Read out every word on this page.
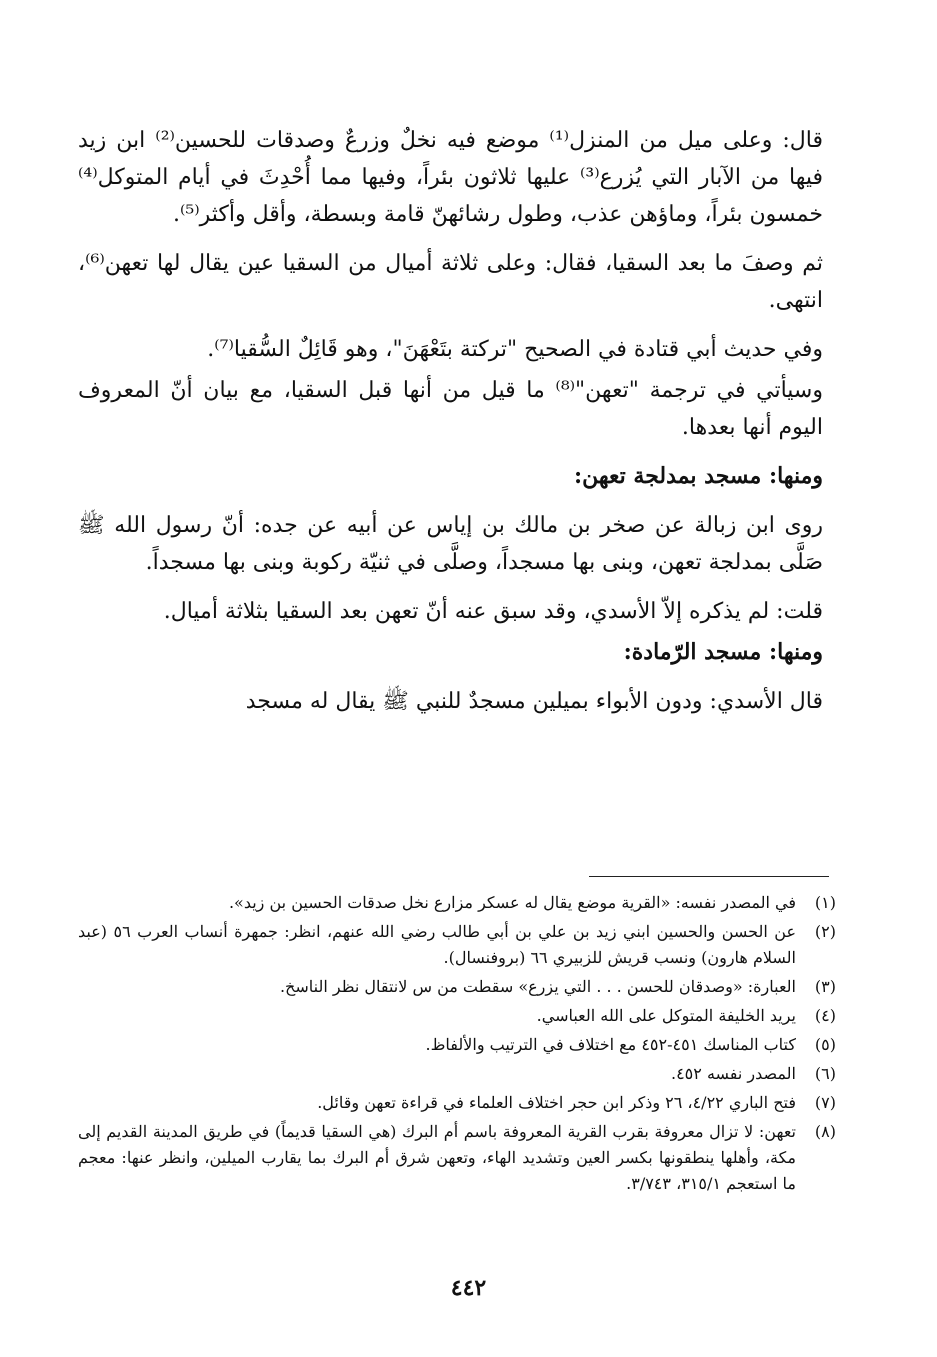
قال: وعلى ميل من المنزل⁽¹⁾ موضع فيه نخلٌ وزرعٌ وصدقات للحسين⁽²⁾ ابن زيد فيها من الآبار التي يُزرع⁽³⁾ عليها ثلاثون بئراً، وفيها مما أُحْدِثَ في أيام المتوكل⁽⁴⁾ خمسون بئراً، وماؤهن عذب، وطول رشائهنّ قامة وبسطة، وأقل وأكثر⁽⁵⁾.

ثم وصفَ ما بعد السقيا، فقال: وعلى ثلاثة أميال من السقيا عين يقال لها تعهن⁽⁶⁾، انتهى.

وفي حديث أبي قتادة في الصحيح "تركتة بتَعْهَنَ"، وهو قَائِلٌ السُّقيا⁽⁷⁾.

وسيأتي في ترجمة "تعهن"⁽⁸⁾ ما قيل من أنها قبل السقيا، مع بيان أنّ المعروف اليوم أنها بعدها.

ومنها: مسجد بمدلجة تعهن:

روى ابن زبالة عن صخر بن مالك بن إياس عن أبيه عن جده: أنّ رسول الله ﷺ صَلَّى بمدلجة تعهن، وبنى بها مسجداً، وصلَّى في ثنيّة ركوبة وبنى بها مسجداً.

قلت: لم يذكره إلاّ الأسدي، وقد سبق عنه أنّ تعهن بعد السقيا بثلاثة أميال.

ومنها: مسجد الرّمادة:

قال الأسدي: ودون الأبواء بميلين مسجدٌ للنبي ﷺ يقال له مسجد

(١)
في المصدر نفسه: «القرية موضع يقال له عسكر مزارع نخل صدقات الحسين بن زيد».
(٢)
عن الحسن والحسين ابني زيد بن علي بن أبي طالب رضي الله عنهم، انظر: جمهرة أنساب العرب ٥٦ (عبد السلام هارون) ونسب قريش للزبيري ٦٦ (بروفنسال).
(٣)
العبارة: «وصدقان للحسن . . . التي يزرع» سقطت من س لانتقال نظر الناسخ.
(٤)
يريد الخليفة المتوكل على الله العباسي.
(٥)
كتاب المناسك ٤٥١-٤٥٢ مع اختلاف في الترتيب والألفاظ.
(٦)
المصدر نفسه ٤٥٢.
(٧)
فتح الباري ٤/٢٢، ٢٦ وذكر ابن حجر اختلاف العلماء في قراءة تعهن وقائل.
(٨)
تعهن: لا تزال معروفة بقرب القرية المعروفة باسم أم البرك (هي السقيا قديماً) في طريق المدينة القديم إلى مكة، وأهلها ينطقونها بكسر العين وتشديد الهاء، وتعهن شرق أم البرك بما يقارب الميلين، وانظر عنها: معجم ما استعجم ٣١٥/١، ٣/٧٤٣.
٤٤٢
